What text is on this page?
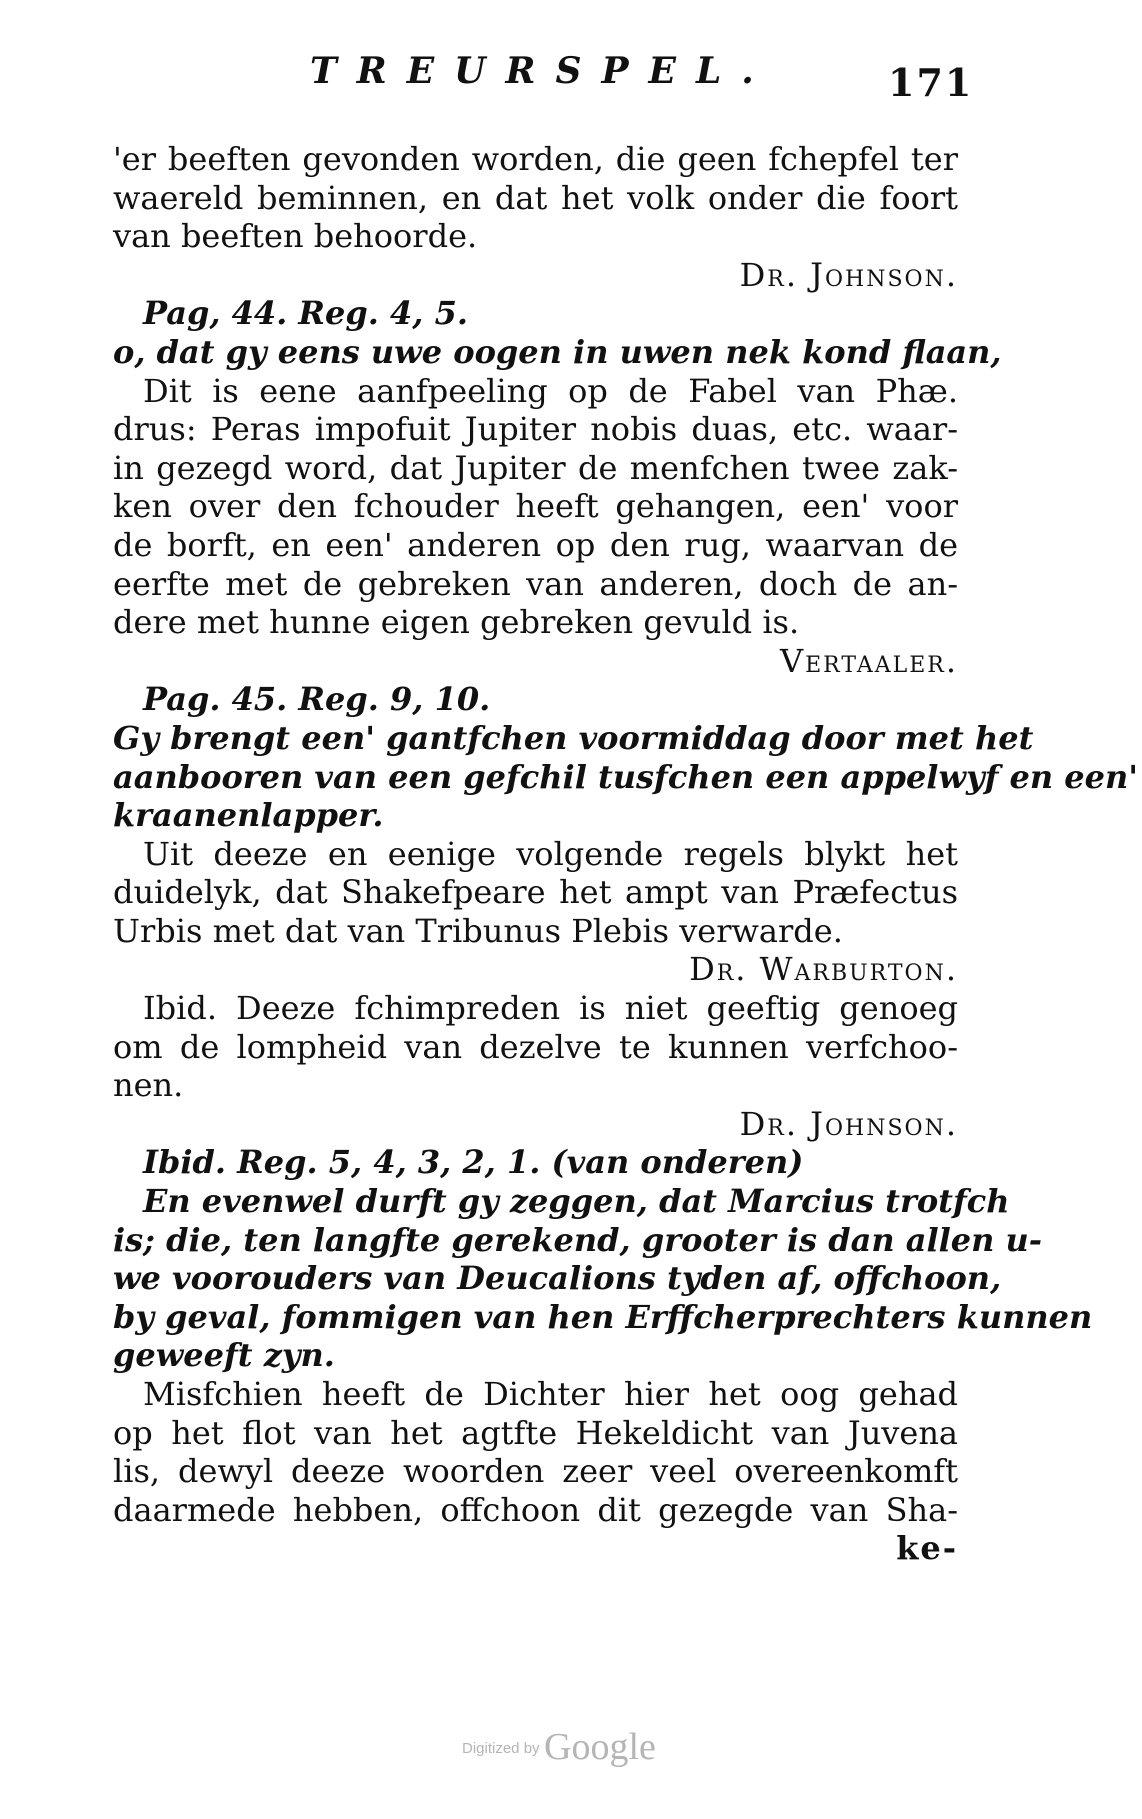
TREURSPEL.	171
'er beeften gevonden worden, die geen fchepfel ter
waereld beminnen, en dat het volk onder die foort
van beeften behoorde.
Dr. Johnson.
Pag, 44. Reg. 4, 5.
o, dat gy eens uwe oogen in uwen nek kond flaan,
Dit is eene aanfpeeling op de Fabel van Phæ.
drus: Peras impofuit Jupiter nobis duas, etc. waar-
in gezegd word, dat Jupiter de menfchen twee zak-
ken over den fchouder heeft gehangen, een' voor
de borft, en een' anderen op den rug, waarvan de
eerfte met de gebreken van anderen, doch de an-
dere met hunne eigen gebreken gevuld is.
Vertaaler.
Pag. 45. Reg. 9, 10.
Gy brengt een' gantfchen voormiddag door met het
aanbooren van een gefchil tusfchen een appelwyf en een'
kraanenlapper.
Uit deeze en eenige volgende regels blykt het
duidelyk, dat Shakefpeare het ampt van Præfectus
Urbis met dat van Tribunus Plebis verwarde.
Dr. Warburton.
Ibid. Deeze fchimpreden is niet geeftig genoeg
om de lompheid van dezelve te kunnen verfchoo-
nen.
Dr. Johnson.
Ibid. Reg. 5, 4, 3, 2, 1. (van onderen)
En evenwel durft gy zeggen, dat Marcius trotfch
is; die, ten langfte gerekend, grooter is dan allen u-
we voorouders van Deucalions tyden af, offchoon,
by geval, fommigen van hen Erffcherprechters kunnen
geweeft zyn.
Misfchien heeft de Dichter hier het oog gehad
op het flot van het agtfte Hekeldicht van Juvena
lis, dewyl deeze woorden zeer veel overeenkomft
daarmede hebben, offchoon dit gezegde van Sha-
ke-
Digitized by Google
